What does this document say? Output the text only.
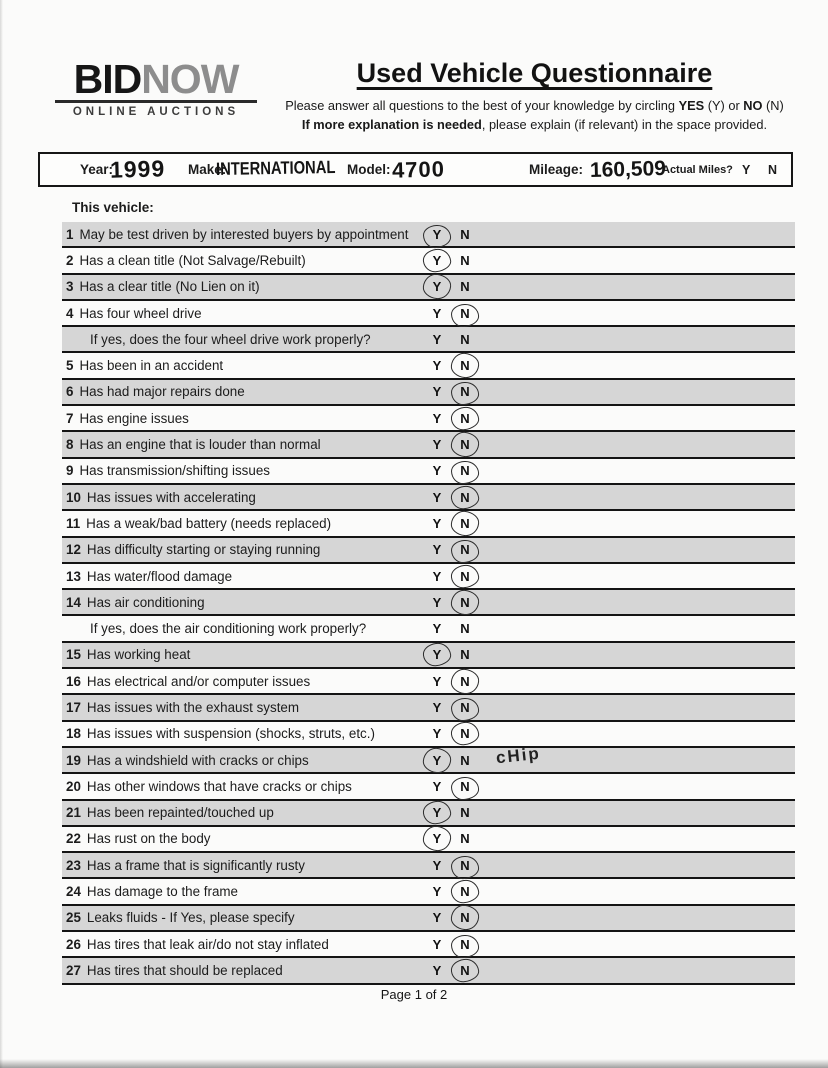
BIDNOW
ONLINE AUCTIONS
Used Vehicle Questionnaire

Please answer all questions to the best of your knowledge by circling YES (Y) or NO (N)

If more explanation is needed, please explain (if relevant) in the space provided.

Year:
1999 Make:
INTERNATIONAL Model: 4700	Mileage: 160,509
Actual Miles? Y N
This vehicle:
1 May be test driven by interested buyers by appointment	Y	N
2 Has a clean title (Not Salvage/Rebuilt)	Y	N
3 Has a clear title (No Lien on it)	Y	N
4 Has four wheel drive	Y	N
If yes, does the four wheel drive work properly?	Y	N
5 Has been in an accident	Y	N
6 Has had major repairs done	Y	N
7 Has engine issues	Y	N
8 Has an engine that is louder than normal	Y	N
9 Has transmission/shifting issues	Y	N
10 Has issues with accelerating	Y	N
11 Has a weak/bad battery (needs replaced)	Y	N
12 Has difficulty starting or staying running	Y	N
13 Has water/flood damage	Y	N
14 Has air conditioning	Y	N
If yes, does the air conditioning work properly?	Y	N
15 Has working heat	Y	N
16 Has electrical and/or computer issues	Y	N
17 Has issues with the exhaust system	Y	N
18 Has issues with suspension (shocks, struts, etc.)	Y	N
19 Has a windshield with cracks or chips	Y	N	cHip
20 Has other windows that have cracks or chips	Y	N
21 Has been repainted/touched up	Y	N
22 Has rust on the body	Y	N
23 Has a frame that is significantly rusty	Y	N
24 Has damage to the frame	Y	N
25 Leaks fluids - If Yes, please specify	Y	N
26 Has tires that leak air/do not stay inflated	Y	N
27 Has tires that should be replaced	Y	N
Page 1 of 2
